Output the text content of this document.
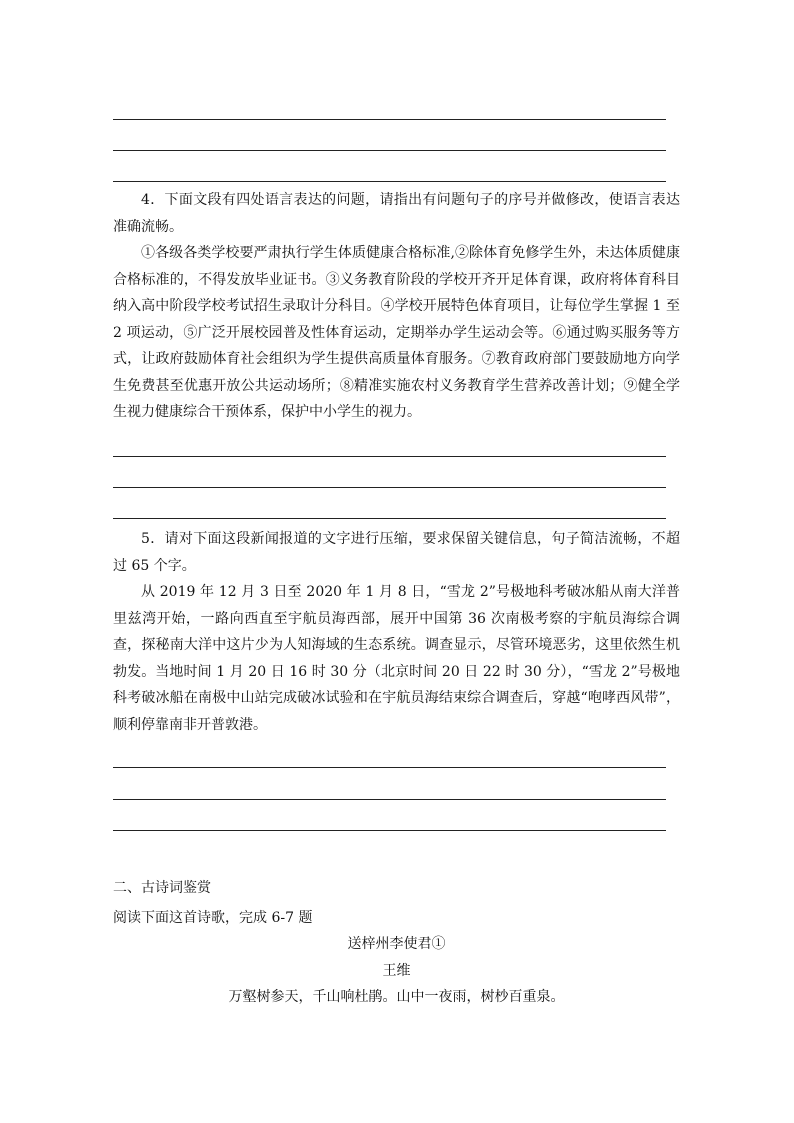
4．下面文段有四处语言表达的问题，请指出有问题句子的序号并做修改，使语言表达准确流畅。

①各级各类学校要严肃执行学生体质健康合格标准,②除体育免修学生外，未达体质健康合格标准的，不得发放毕业证书。③义务教育阶段的学校开齐开足体育课，政府将体育科目纳入高中阶段学校考试招生录取计分科目。④学校开展特色体育项目，让每位学生掌握 1 至 2 项运动，⑤广泛开展校园普及性体育运动，定期举办学生运动会等。⑥通过购买服务等方式，让政府鼓励体育社会组织为学生提供高质量体育服务。⑦教育政府部门要鼓励地方向学生免费甚至优惠开放公共运动场所；⑧精准实施农村义务教育学生营养改善计划；⑨健全学生视力健康综合干预体系，保护中小学生的视力。

5．请对下面这段新闻报道的文字进行压缩，要求保留关键信息，句子简洁流畅，不超过 65 个字。

从 2019 年 12 月 3 日至 2020 年 1 月 8 日，“雪龙 2”号极地科考破冰船从南大洋普里兹湾开始，一路向西直至宇航员海西部，展开中国第 36 次南极考察的宇航员海综合调查，探秘南大洋中这片少为人知海域的生态系统。调查显示，尽管环境恶劣，这里依然生机勃发。当地时间 1 月 20 日 16 时 30 分（北京时间 20 日 22 时 30 分），“雪龙 2”号极地科考破冰船在南极中山站完成破冰试验和在宇航员海结束综合调查后，穿越“咆哮西风带”，顺利停靠南非开普敦港。

二、古诗词鉴赏

阅读下面这首诗歌，完成 6-7 题

送梓州李使君①

王维

万壑树参天，千山响杜鹃。山中一夜雨，树杪百重泉。
